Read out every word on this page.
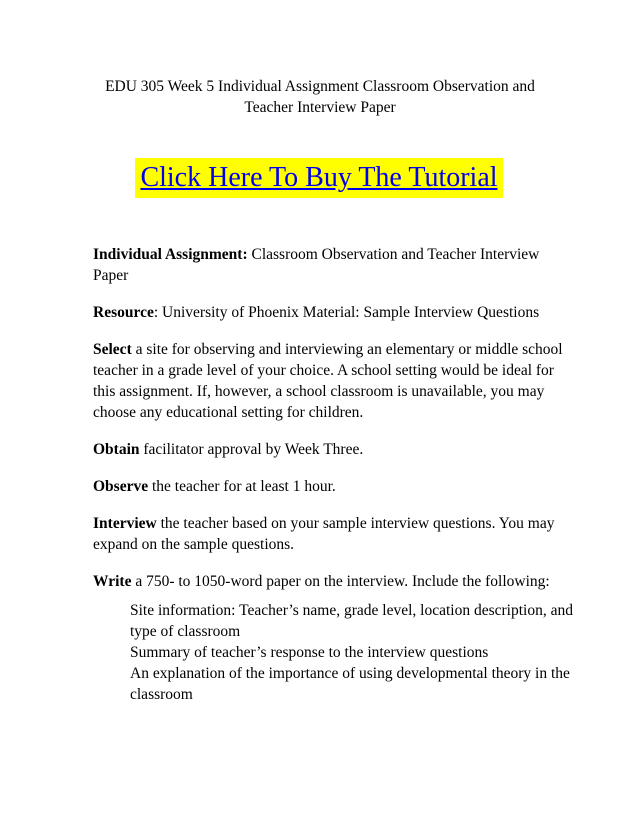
EDU 305 Week 5 Individual Assignment Classroom Observation and
Teacher Interview Paper
Click Here To Buy The Tutorial

Individual Assignment: Classroom Observation and Teacher Interview Paper

Resource: University of Phoenix Material: Sample Interview Questions

Select a site for observing and interviewing an elementary or middle school teacher in a grade level of your choice. A school setting would be ideal for this assignment. If, however, a school classroom is unavailable, you may choose any educational setting for children.

Obtain facilitator approval by Week Three.

Observe the teacher for at least 1 hour.

Interview the teacher based on your sample interview questions. You may expand on the sample questions.

Write a 750- to 1050-word paper on the interview. Include the following:

Site information: Teacher’s name, grade level, location description, and type of classroom
Summary of teacher’s response to the interview questions
An explanation of the importance of using developmental theory in the classroom
